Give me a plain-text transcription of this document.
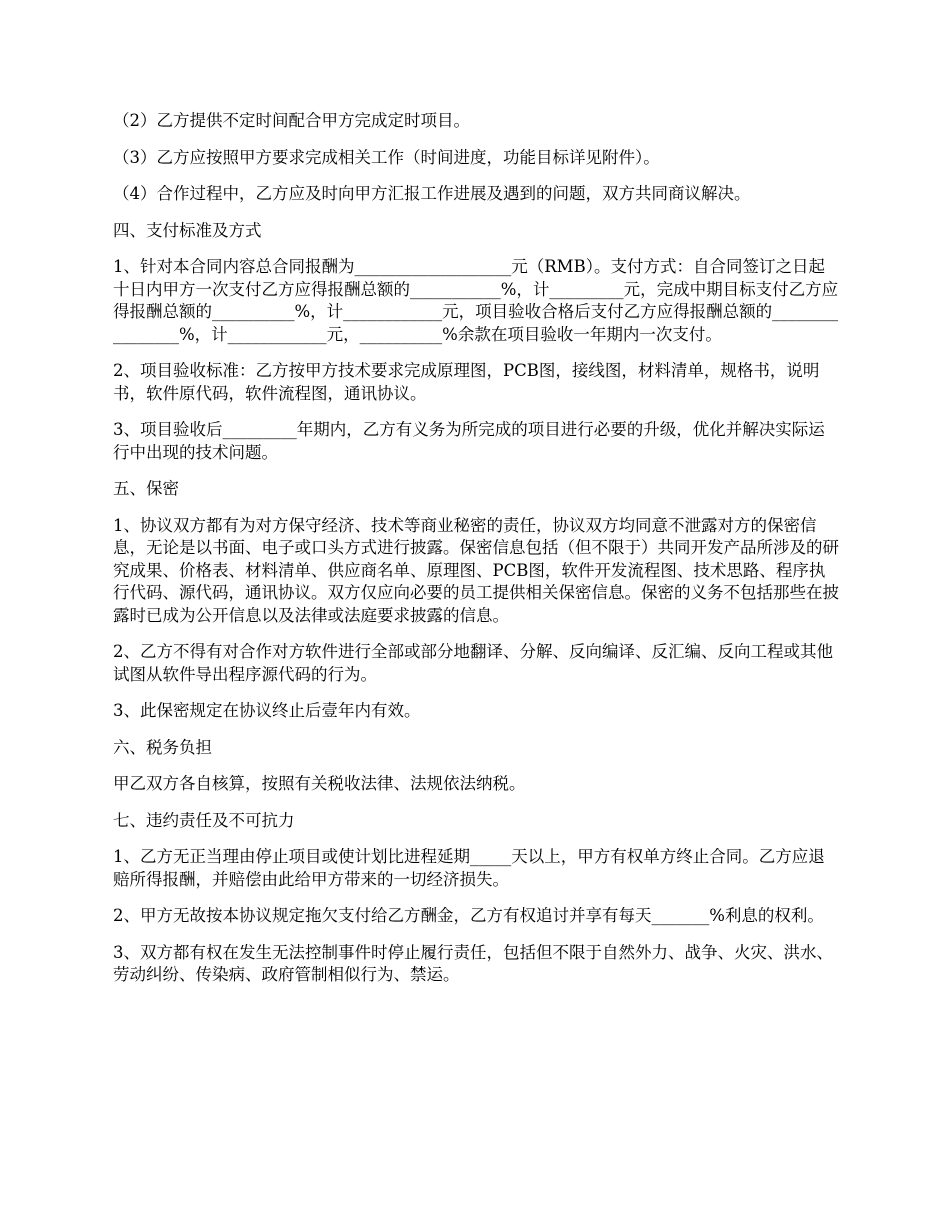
（2）乙方提供不定时间配合甲方完成定时项目。

（3）乙方应按照甲方要求完成相关工作（时间进度，功能目标详见附件）。

（4）合作过程中，乙方应及时向甲方汇报工作进展及遇到的问题，双方共同商议解决。

四、支付标准及方式

1、针对本合同内容总合同报酬为___________________元（RMB）。支付方式：自合同签订之日起十日内甲方一次支付乙方应得报酬总额的___________%，计_________元，完成中期目标支付乙方应得报酬总额的__________%，计____________元，项目验收合格后支付乙方应得报酬总额的________________%，计____________元，__________%余款在项目验收一年期内一次支付。

2、项目验收标准：乙方按甲方技术要求完成原理图，PCB图，接线图，材料清单，规格书，说明书，软件原代码，软件流程图，通讯协议。

3、项目验收后_________年期内，乙方有义务为所完成的项目进行必要的升级，优化并解决实际运行中出现的技术问题。

五、保密

1、协议双方都有为对方保守经济、技术等商业秘密的责任，协议双方均同意不泄露对方的保密信息，无论是以书面、电子或口头方式进行披露。保密信息包括（但不限于）共同开发产品所涉及的研究成果、价格表、材料清单、供应商名单、原理图、PCB图，软件开发流程图、技术思路、程序执行代码、源代码，通讯协议。双方仅应向必要的员工提供相关保密信息。保密的义务不包括那些在披露时已成为公开信息以及法律或法庭要求披露的信息。

2、乙方不得有对合作对方软件进行全部或部分地翻译、分解、反向编译、反汇编、反向工程或其他试图从软件导出程序源代码的行为。

3、此保密规定在协议终止后壹年内有效。

六、税务负担

甲乙双方各自核算，按照有关税收法律、法规依法纳税。

七、违约责任及不可抗力

1、乙方无正当理由停止项目或使计划比进程延期_____天以上，甲方有权单方终止合同。乙方应退赔所得报酬，并赔偿由此给甲方带来的一切经济损失。

2、甲方无故按本协议规定拖欠支付给乙方酬金，乙方有权追讨并享有每天_______%利息的权利。

3、双方都有权在发生无法控制事件时停止履行责任，包括但不限于自然外力、战争、火灾、洪水、劳动纠纷、传染病、政府管制相似行为、禁运。
